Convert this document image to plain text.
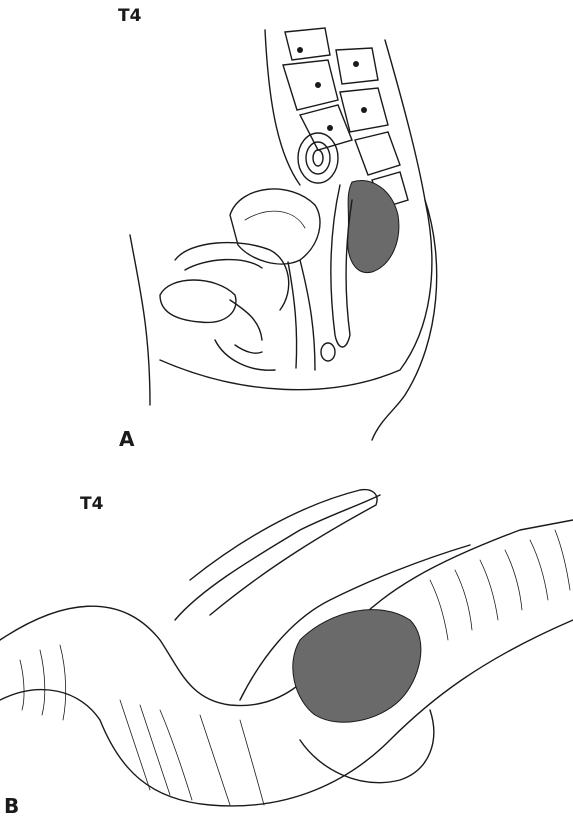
T4

A

T4

B
